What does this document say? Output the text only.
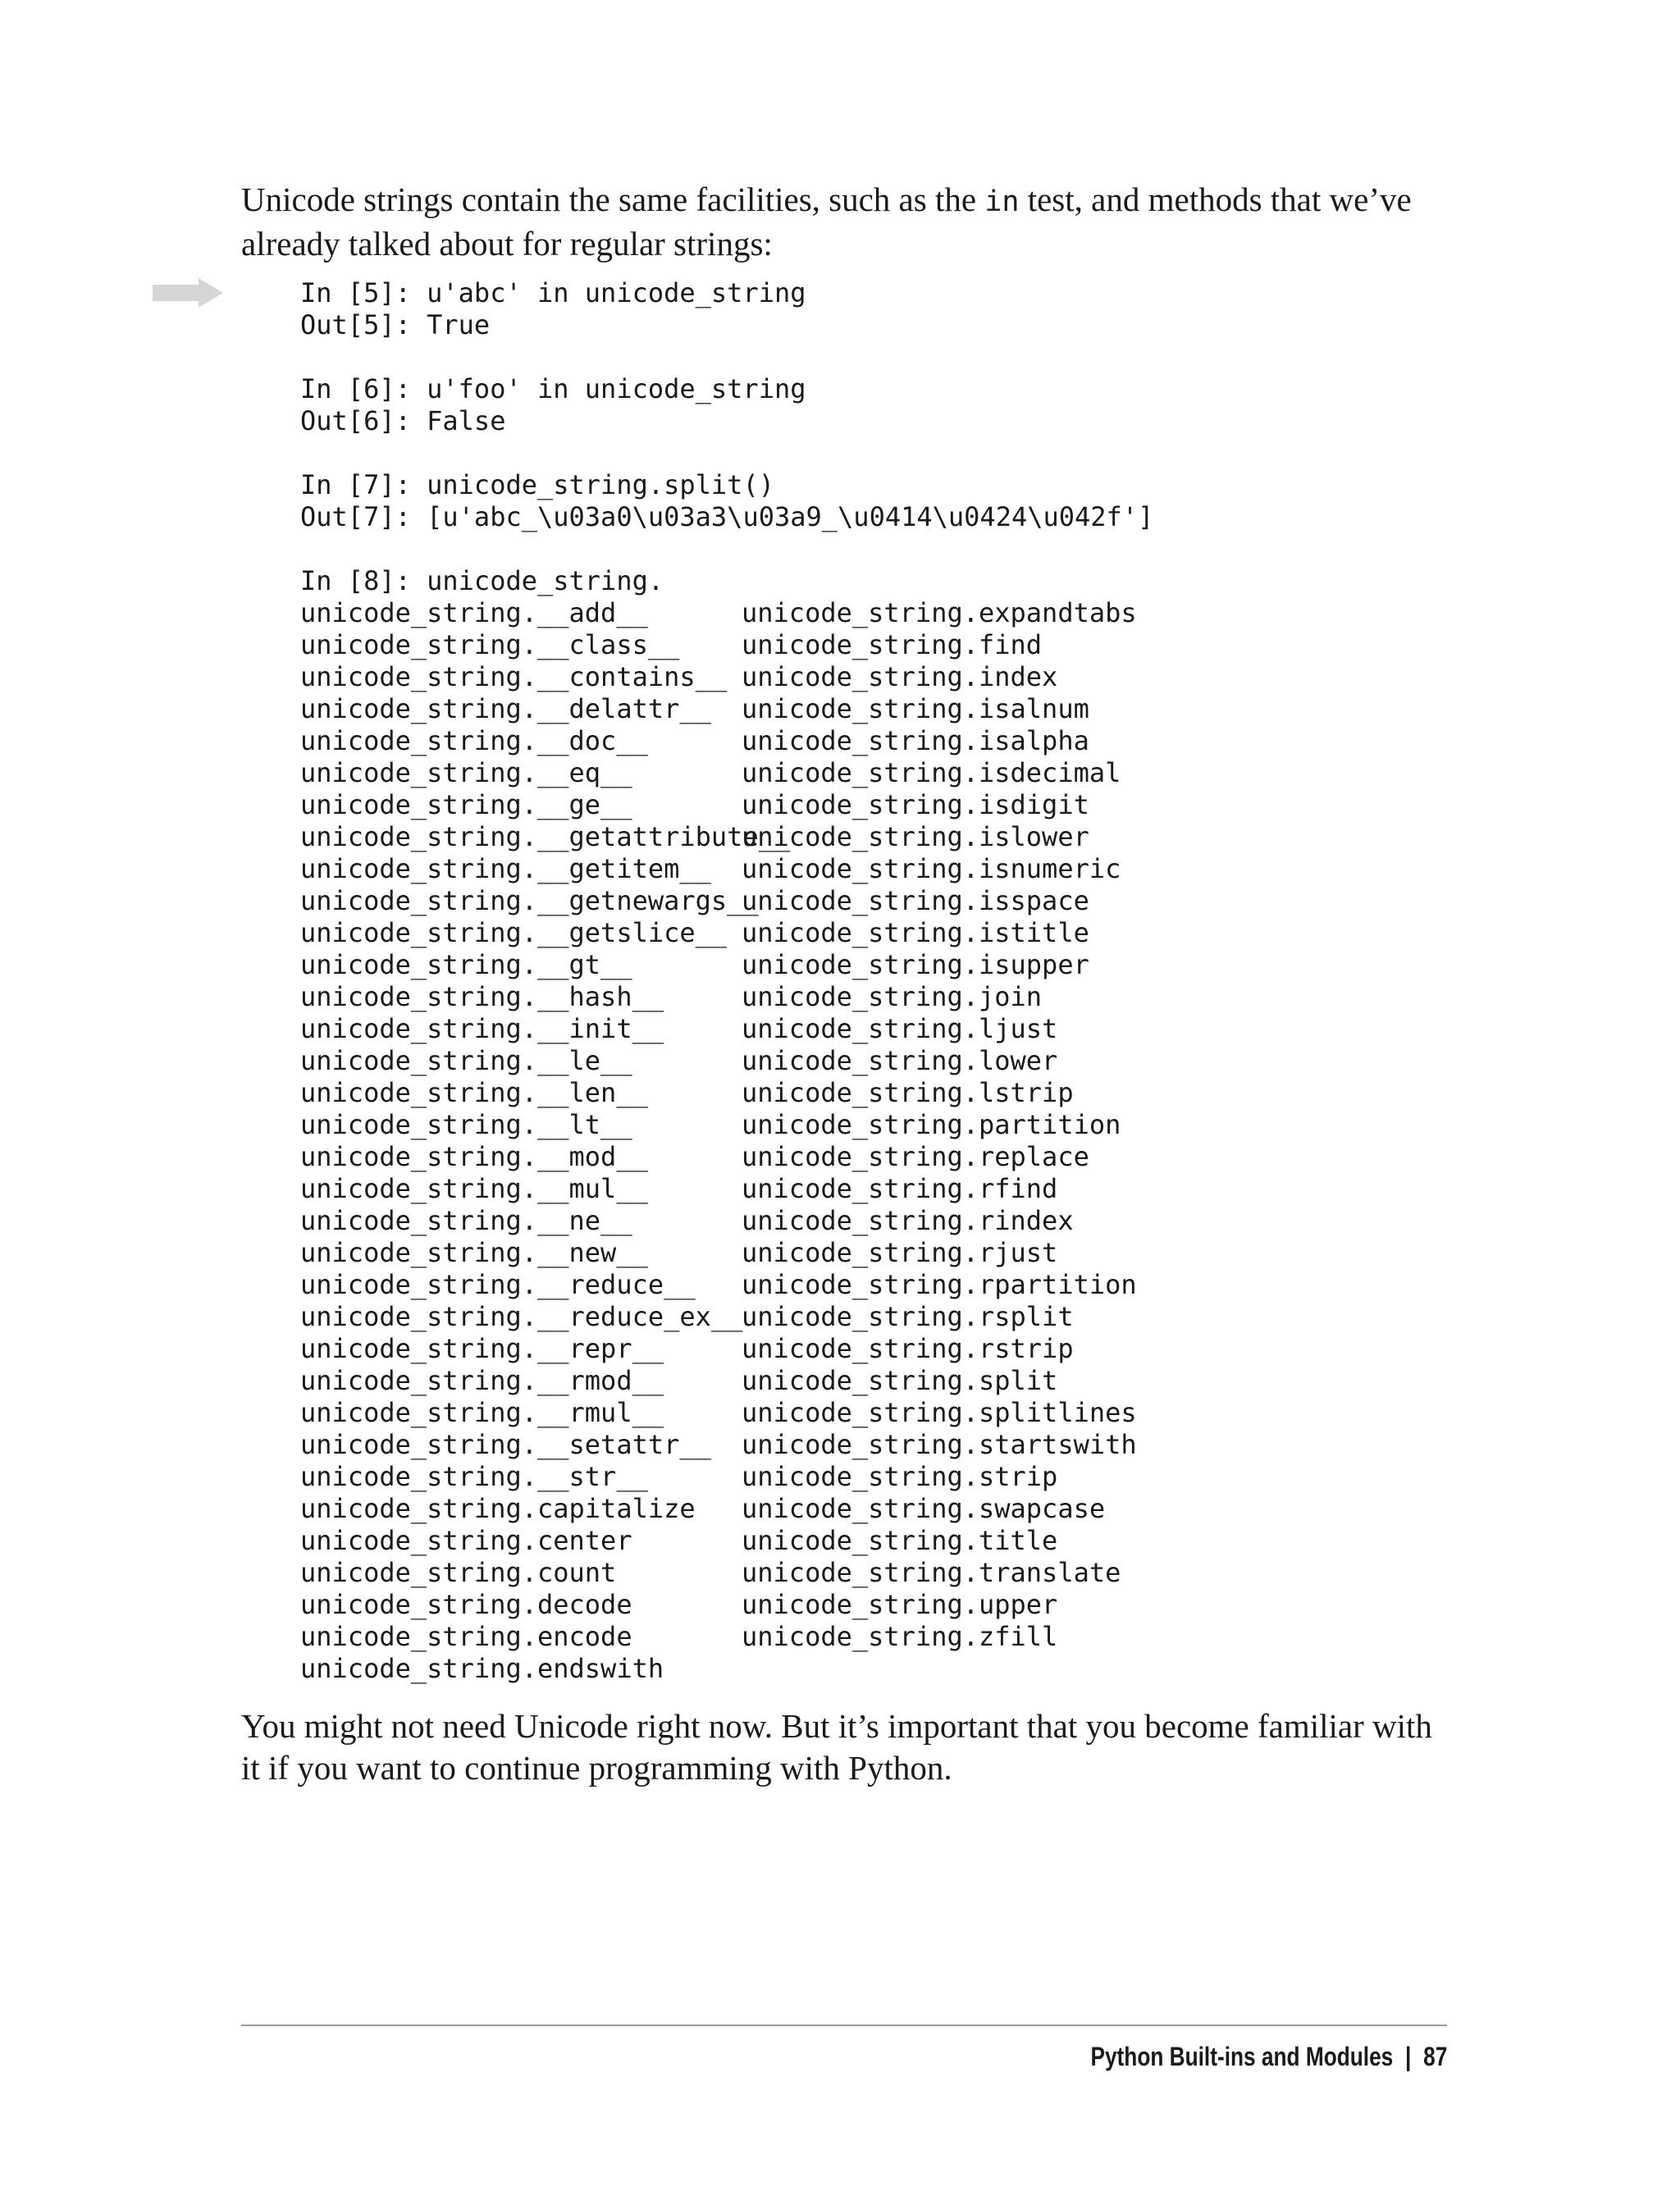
Unicode strings contain the same facilities, such as the in test, and methods that we’ve already talked about for regular strings:

In [5]: u'abc' in unicode_string
Out[5]: True
In [6]: u'foo' in unicode_string
Out[6]: False
In [7]: unicode_string.split()
Out[7]: [u'abc_\u03a0\u03a3\u03a9_\u0414\u0424\u042f']
In [8]: unicode_string.
unicode_string.__add__
unicode_string.__class__
unicode_string.__contains__
unicode_string.__delattr__
unicode_string.__doc__
unicode_string.__eq__
unicode_string.__ge__
unicode_string.__getattribute__
unicode_string.__getitem__
unicode_string.__getnewargs__
unicode_string.__getslice__
unicode_string.__gt__
unicode_string.__hash__
unicode_string.__init__
unicode_string.__le__
unicode_string.__len__
unicode_string.__lt__
unicode_string.__mod__
unicode_string.__mul__
unicode_string.__ne__
unicode_string.__new__
unicode_string.__reduce__
unicode_string.__reduce_ex__
unicode_string.__repr__
unicode_string.__rmod__
unicode_string.__rmul__
unicode_string.__setattr__
unicode_string.__str__
unicode_string.capitalize
unicode_string.center
unicode_string.count
unicode_string.decode
unicode_string.encode
unicode_string.endswith
unicode_string.expandtabs
unicode_string.find
unicode_string.index
unicode_string.isalnum
unicode_string.isalpha
unicode_string.isdecimal
unicode_string.isdigit
unicode_string.islower
unicode_string.isnumeric
unicode_string.isspace
unicode_string.istitle
unicode_string.isupper
unicode_string.join
unicode_string.ljust
unicode_string.lower
unicode_string.lstrip
unicode_string.partition
unicode_string.replace
unicode_string.rfind
unicode_string.rindex
unicode_string.rjust
unicode_string.rpartition
unicode_string.rsplit
unicode_string.rstrip
unicode_string.split
unicode_string.splitlines
unicode_string.startswith
unicode_string.strip
unicode_string.swapcase
unicode_string.title
unicode_string.translate
unicode_string.upper
unicode_string.zfill

You might not need Unicode right now. But it’s important that you become familiar with it if you want to continue programming with Python.

Python Built-ins and Modules | 87
